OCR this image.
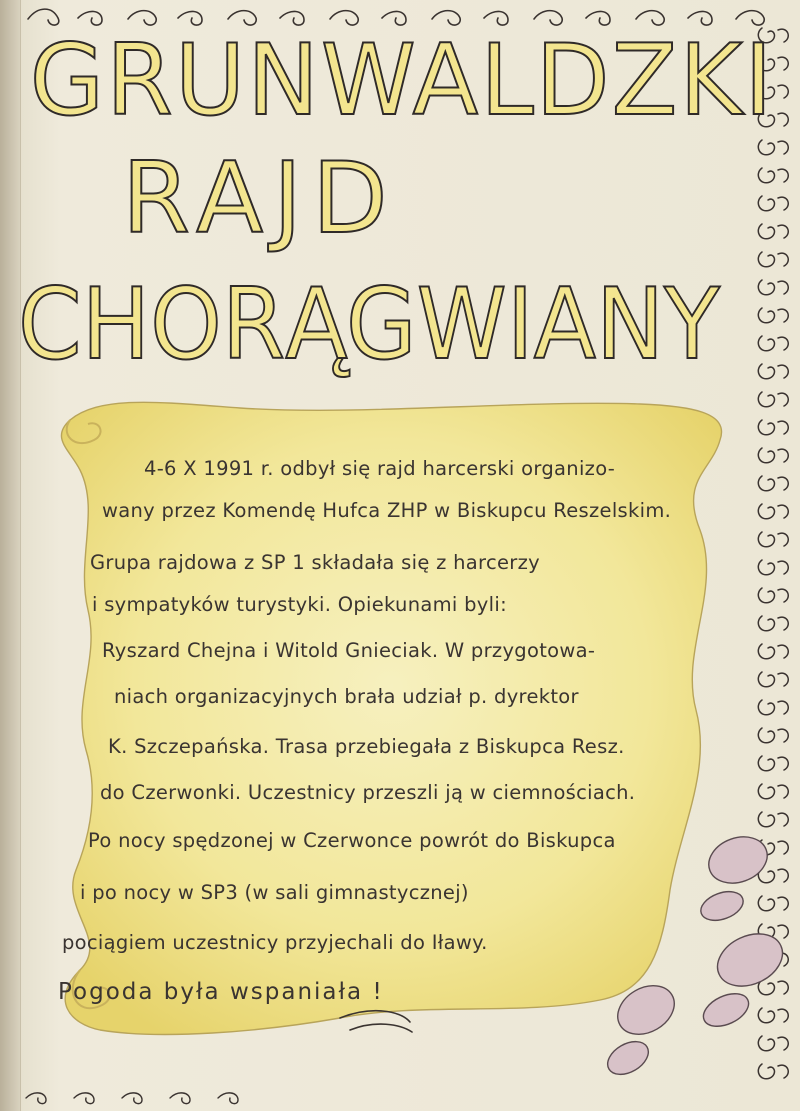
GRUNWALDZKI
RAJD
CHORĄGWIANY
4-6 X 1991 r. odbył się rajd harcerski organizo-
wany przez Komendę Hufca ZHP w Biskupcu Reszelskim.
Grupa rajdowa z SP 1 składała się z harcerzy
i sympatyków turystyki. Opiekunami byli:
Ryszard Chejna i Witold Gnieciak. W przygotowa-
niach organizacyjnych brała udział p. dyrektor
K. Szczepańska. Trasa przebiegała z Biskupca Resz.
do Czerwonki. Uczestnicy przeszli ją w ciemnościach.
Po nocy spędzonej w Czerwonce powrót do Biskupca
i po nocy w SP3 (w sali gimnastycznej)
pociągiem uczestnicy przyjechali do Iławy.
Pogoda była wspaniała !
